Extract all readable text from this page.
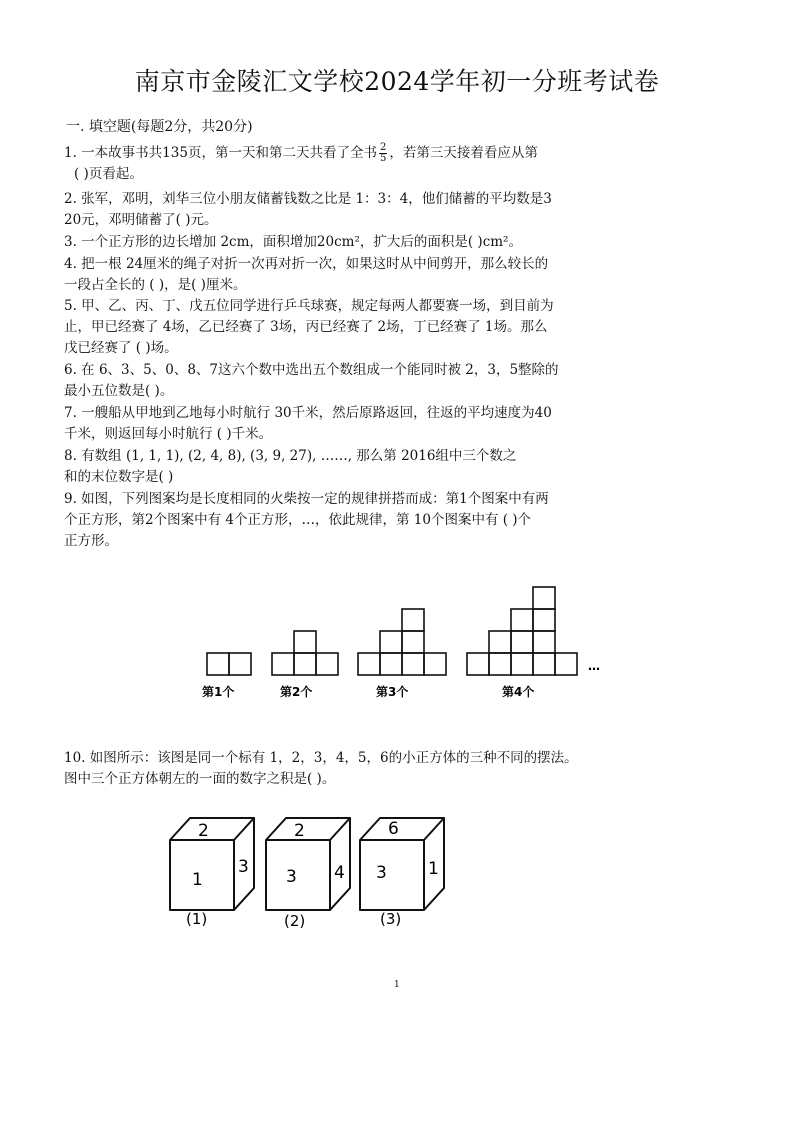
南京市金陵汇文学校2024学年初一分班考试卷
一. 填空题(每题2分，共20分)
1. 一本故事书共135页，第一天和第二天共看了全书 $\frac{2}{5}$ ，若第三天接着看应从第
( )页看起。
2. 张军，邓明，刘华三位小朋友储蓄钱数之比是 1：3：4，他们储蓄的平均数是3
20元，邓明储蓄了( )元。
3. 一个正方形的边长增加 2cm，面积增加20cm²，扩大后的面积是( )cm²。
4. 把一根 24厘米的绳子对折一次再对折一次，如果这时从中间剪开，那么较长的
一段占全长的 ( )，是( )厘米。
5. 甲、乙、丙、丁、戊五位同学进行乒乓球赛，规定每两人都要赛一场，到目前为
止，甲已经赛了 4场，乙已经赛了 3场，丙已经赛了 2场，丁已经赛了 1场。那么
戊已经赛了 ( )场。
6. 在 6、3、5、0、8、7这六个数中选出五个数组成一个能同时被 2，3，5整除的
最小五位数是( )。
7. 一艘船从甲地到乙地每小时航行 30千米，然后原路返回，往返的平均速度为40
千米，则返回每小时航行 ( )千米。
8. 有数组 (1, 1, 1), (2, 4, 8), (3, 9, 27), ……, 那么第 2016组中三个数之
和的末位数字是( )
9. 如图，下列图案均是长度相同的火柴按一定的规律拼搭而成：第1个图案中有两
个正方形，第2个图案中有 4个正方形，…，依此规律，第 10个图案中有 ( )个
正方形。
第1个	第2个	第3个	第4个
…
10. 如图所示：该图是同一个标有 1，2，3，4，5，6的小正方体的三种不同的摆法。
图中三个正方体朝左的一面的数字之积是( )。
2
1
3
(1)
2
3 4
(2)
6
3 1
(3)
1
